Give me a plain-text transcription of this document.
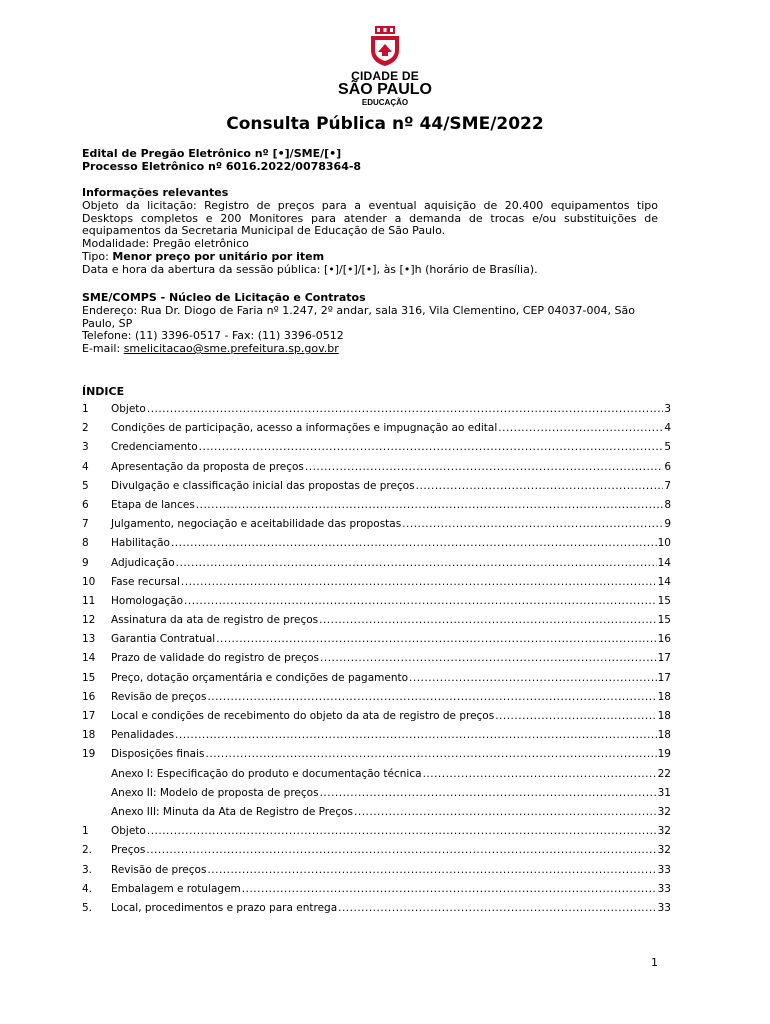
CIDADE DE
SÃO PAULO
EDUCAÇÃO
Consulta Pública nº 44/SME/2022
Edital de Pregão Eletrônico nº [•]/SME/[•]
Processo Eletrônico nº 6016.2022/0078364-8
Informações relevantes
Objeto da licitação: Registro de preços para a eventual aquisição de 20.400 equipamentos tipo Desktops completos e 200 Monitores para atender a demanda de trocas e/ou substituições de equipamentos da Secretaria Municipal de Educação de São Paulo.
Modalidade: Pregão eletrônico
Tipo: Menor preço por unitário por item
Data e hora da abertura da sessão pública: [•]/[•]/[•], às [•]h (horário de Brasília).
SME/COMPS - Núcleo de Licitação e Contratos
Endereço: Rua Dr. Diogo de Faria nº 1.247, 2º andar, sala 316, Vila Clementino, CEP 04037-004, São Paulo, SP
Telefone: (11) 3396-0517 - Fax: (11) 3396-0512
E-mail: smelicitacao@sme.prefeitura.sp.gov.br
ÍNDICE
1	Objeto .....	3
2	Condições de participação, acesso a informações e impugnação ao edital .....	4
3	Credenciamento .....	5
4	Apresentação da proposta de preços .....	6
5	Divulgação e classificação inicial das propostas de preços .....	7
6	Etapa de lances .....	8
7	Julgamento, negociação e aceitabilidade das propostas .....	9
8	Habilitação .....	10
9	Adjudicação .....	14
10	Fase recursal .....	14
11	Homologação .....	15
12	Assinatura da ata de registro de preços .....	15
13	Garantia Contratual .....	16
14	Prazo de validade do registro de preços .....	17
15	Preço, dotação orçamentária e condições de pagamento .....	17
16	Revisão de preços .....	18
17	Local e condições de recebimento do objeto da ata de registro de preços .....	18
18	Penalidades .....	18
19	Disposições finais .....	19
Anexo I: Especificação do produto e documentação técnica .....	22
Anexo II: Modelo de proposta de preços .....	31
Anexo III: Minuta da Ata de Registro de Preços .....	32
1	Objeto .....	32
2.	Preços .....	32
3.	Revisão de preços .....	33
4.	Embalagem e rotulagem .....	33
5.	Local, procedimentos e prazo para entrega .....	33
1
